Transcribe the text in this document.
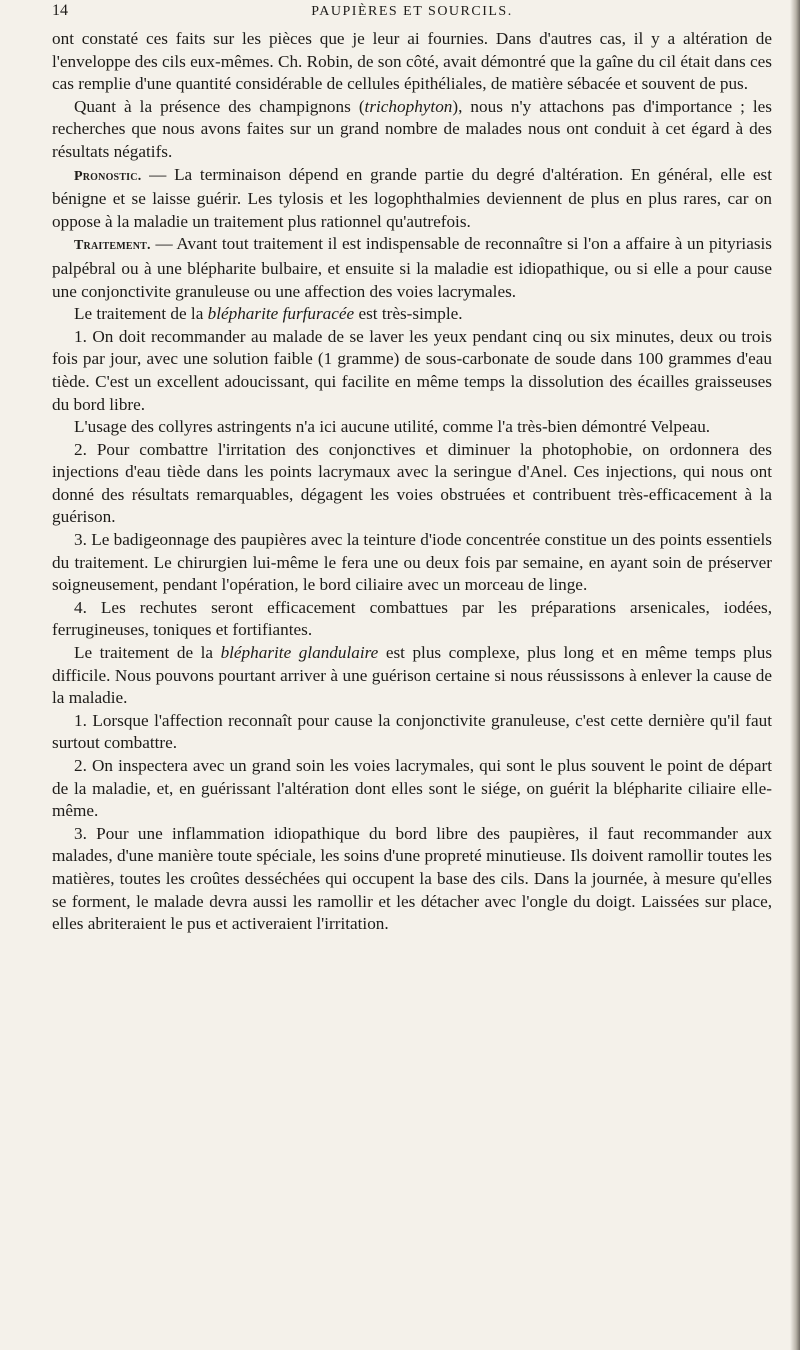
14	PAUPIÈRES ET SOURCILS.

ont constaté ces faits sur les pièces que je leur ai fournies. Dans d'autres cas, il y a altération de l'enveloppe des cils eux-mêmes. Ch. Robin, de son côté, avait démontré que la gaîne du cil était dans ces cas remplie d'une quantité considérable de cellules épithéliales, de matière sébacée et souvent de pus.

Quant à la présence des champignons (trichophyton), nous n'y attachons pas d'importance ; les recherches que nous avons faites sur un grand nombre de malades nous ont conduit à cet égard à des résultats négatifs.

Pronostic. — La terminaison dépend en grande partie du degré d'altération. En général, elle est bénigne et se laisse guérir. Les tylosis et les logophthalmies deviennent de plus en plus rares, car on oppose à la maladie un traitement plus rationnel qu'autrefois.

Traitement. — Avant tout traitement il est indispensable de reconnaître si l'on a affaire à un pityriasis palpébral ou à une blépharite bulbaire, et ensuite si la maladie est idiopathique, ou si elle a pour cause une conjonctivite granuleuse ou une affection des voies lacrymales.

Le traitement de la blépharite furfuracée est très-simple.

1. On doit recommander au malade de se laver les yeux pendant cinq ou six minutes, deux ou trois fois par jour, avec une solution faible (1 gramme) de sous-carbonate de soude dans 100 grammes d'eau tiède. C'est un excellent adoucissant, qui facilite en même temps la dissolution des écailles graisseuses du bord libre.

L'usage des collyres astringents n'a ici aucune utilité, comme l'a très-bien démontré Velpeau.

2. Pour combattre l'irritation des conjonctives et diminuer la photophobie, on ordonnera des injections d'eau tiède dans les points lacrymaux avec la seringue d'Anel. Ces injections, qui nous ont donné des résultats remarquables, dégagent les voies obstruées et contribuent très-efficacement à la guérison.

3. Le badigeonnage des paupières avec la teinture d'iode concentrée constitue un des points essentiels du traitement. Le chirurgien lui-même le fera une ou deux fois par semaine, en ayant soin de préserver soigneusement, pendant l'opération, le bord ciliaire avec un morceau de linge.

4. Les rechutes seront efficacement combattues par les préparations arsenicales, iodées, ferrugineuses, toniques et fortifiantes.

Le traitement de la blépharite glandulaire est plus complexe, plus long et en même temps plus difficile. Nous pouvons pourtant arriver à une guérison certaine si nous réussissons à enlever la cause de la maladie.

1. Lorsque l'affection reconnaît pour cause la conjonctivite granuleuse, c'est cette dernière qu'il faut surtout combattre.

2. On inspectera avec un grand soin les voies lacrymales, qui sont le plus souvent le point de départ de la maladie, et, en guérissant l'altération dont elles sont le siége, on guérit la blépharite ciliaire elle-même.

3. Pour une inflammation idiopathique du bord libre des paupières, il faut recommander aux malades, d'une manière toute spéciale, les soins d'une propreté minutieuse. Ils doivent ramollir toutes les matières, toutes les croûtes desséchées qui occupent la base des cils. Dans la journée, à mesure qu'elles se forment, le malade devra aussi les ramollir et les détacher avec l'ongle du doigt. Laissées sur place, elles abriteraient le pus et activeraient l'irritation.
